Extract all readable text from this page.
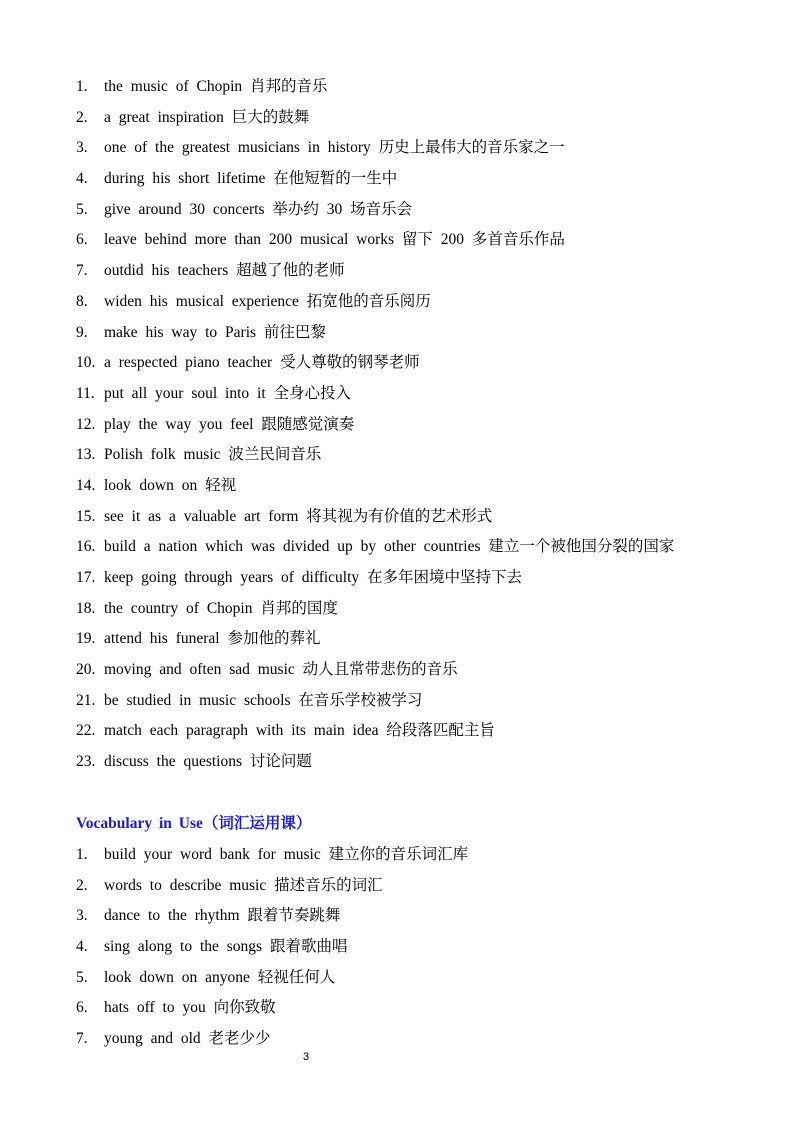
1. the music of Chopin 肖邦的音乐
2. a great inspiration 巨大的鼓舞
3. one of the greatest musicians in history 历史上最伟大的音乐家之一
4. during his short lifetime 在他短暂的一生中
5. give around 30 concerts 举办约 30 场音乐会
6. leave behind more than 200 musical works 留下 200 多首音乐作品
7. outdid his teachers 超越了他的老师
8. widen his musical experience 拓宽他的音乐阅历
9. make his way to Paris 前往巴黎
10. a respected piano teacher 受人尊敬的钢琴老师
11. put all your soul into it 全身心投入
12. play the way you feel 跟随感觉演奏
13. Polish folk music 波兰民间音乐
14. look down on 轻视
15. see it as a valuable art form 将其视为有价值的艺术形式
16. build a nation which was divided up by other countries 建立一个被他国分裂的国家
17. keep going through years of difficulty 在多年困境中坚持下去
18. the country of Chopin 肖邦的国度
19. attend his funeral 参加他的葬礼
20. moving and often sad music 动人且常带悲伤的音乐
21. be studied in music schools 在音乐学校被学习
22. match each paragraph with its main idea 给段落匹配主旨
23. discuss the questions 讨论问题
Vocabulary in Use（词汇运用课）
1. build your word bank for music 建立你的音乐词汇库
2. words to describe music 描述音乐的词汇
3. dance to the rhythm 跟着节奏跳舞
4. sing along to the songs 跟着歌曲唱
5. look down on anyone 轻视任何人
6. hats off to you 向你致敬
7. young and old 老老少少
3
